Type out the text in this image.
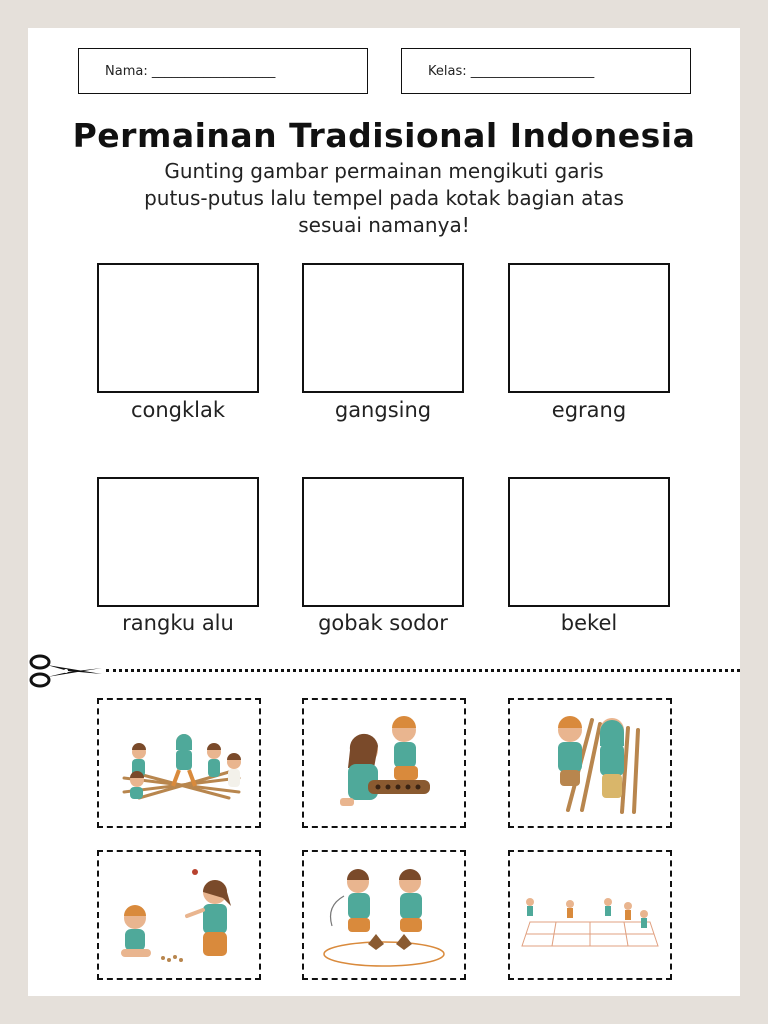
Nama: ___________________	Kelas: ___________________
Permainan Tradisional Indonesia
Gunting gambar permainan mengikuti garis
putus-putus lalu tempel pada kotak bagian atas
sesuai namanya!
congklak	gangsing	egrang
rangku alu	gobak sodor	bekel
